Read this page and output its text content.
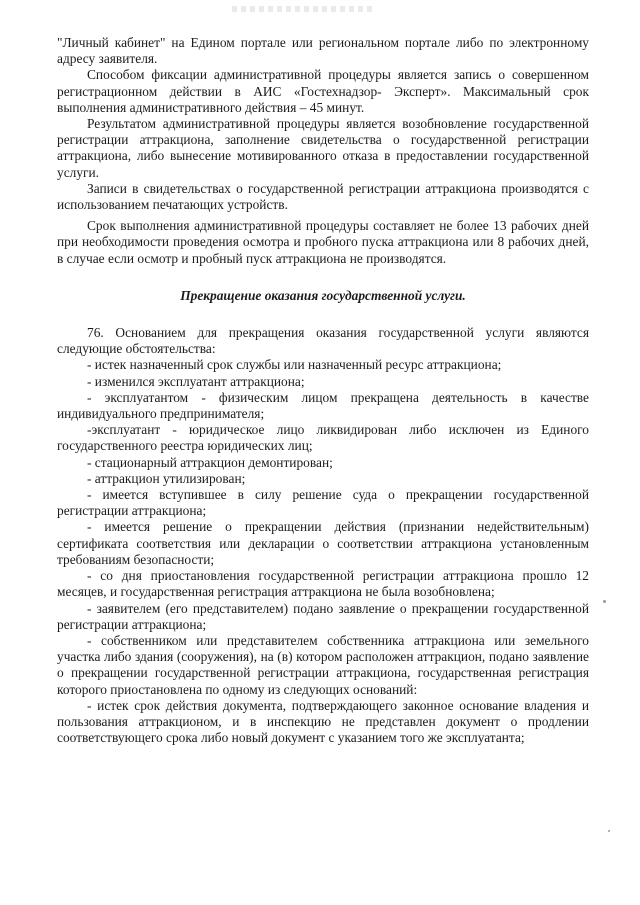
"Личный кабинет" на Едином портале или региональном портале либо по электронному адресу заявителя.

Способом фиксации административной процедуры является запись о совершенном регистрационном действии в АИС «Гостехнадзор- Эксперт». Максимальный срок выполнения административного действия – 45 минут.

Результатом административной процедуры является возобновление государственной регистрации аттракциона, заполнение свидетельства о государственной регистрации аттракциона, либо вынесение мотивированного отказа в предоставлении государственной услуги.

Записи в свидетельствах о государственной регистрации аттракциона производятся с использованием печатающих устройств.

Срок выполнения административной процедуры составляет не более 13 рабочих дней при необходимости проведения осмотра и пробного пуска аттракциона или 8 рабочих дней, в случае если осмотр и пробный пуск аттракциона не производятся.

Прекращение оказания государственной услуги.

76. Основанием для прекращения оказания государственной услуги являются следующие обстоятельства:

- истек назначенный срок службы или назначенный ресурс аттракциона;

- изменился эксплуатант аттракциона;

- эксплуатантом - физическим лицом прекращена деятельность в качестве индивидуального предпринимателя;

-эксплуатант - юридическое лицо ликвидирован либо исключен из Единого государственного реестра юридических лиц;

- стационарный аттракцион демонтирован;

- аттракцион утилизирован;

- имеется вступившее в силу решение суда о прекращении государственной регистрации аттракциона;

- имеется решение о прекращении действия (признании недействительным) сертификата соответствия или декларации о соответствии аттракциона установленным требованиям безопасности;

- со дня приостановления государственной регистрации аттракциона прошло 12 месяцев, и государственная регистрация аттракциона не была возобновлена;

- заявителем (его представителем) подано заявление о прекращении государственной регистрации аттракциона;

- собственником или представителем собственника аттракциона или земельного участка либо здания (сооружения), на (в) котором расположен аттракцион, подано заявление о прекращении государственной регистрации аттракциона, государственная регистрация которого приостановлена по одному из следующих оснований:

- истек срок действия документа, подтверждающего законное основание владения и пользования аттракционом, и в инспекцию не представлен документ о продлении соответствующего срока либо новый документ с указанием того же эксплуатанта;
